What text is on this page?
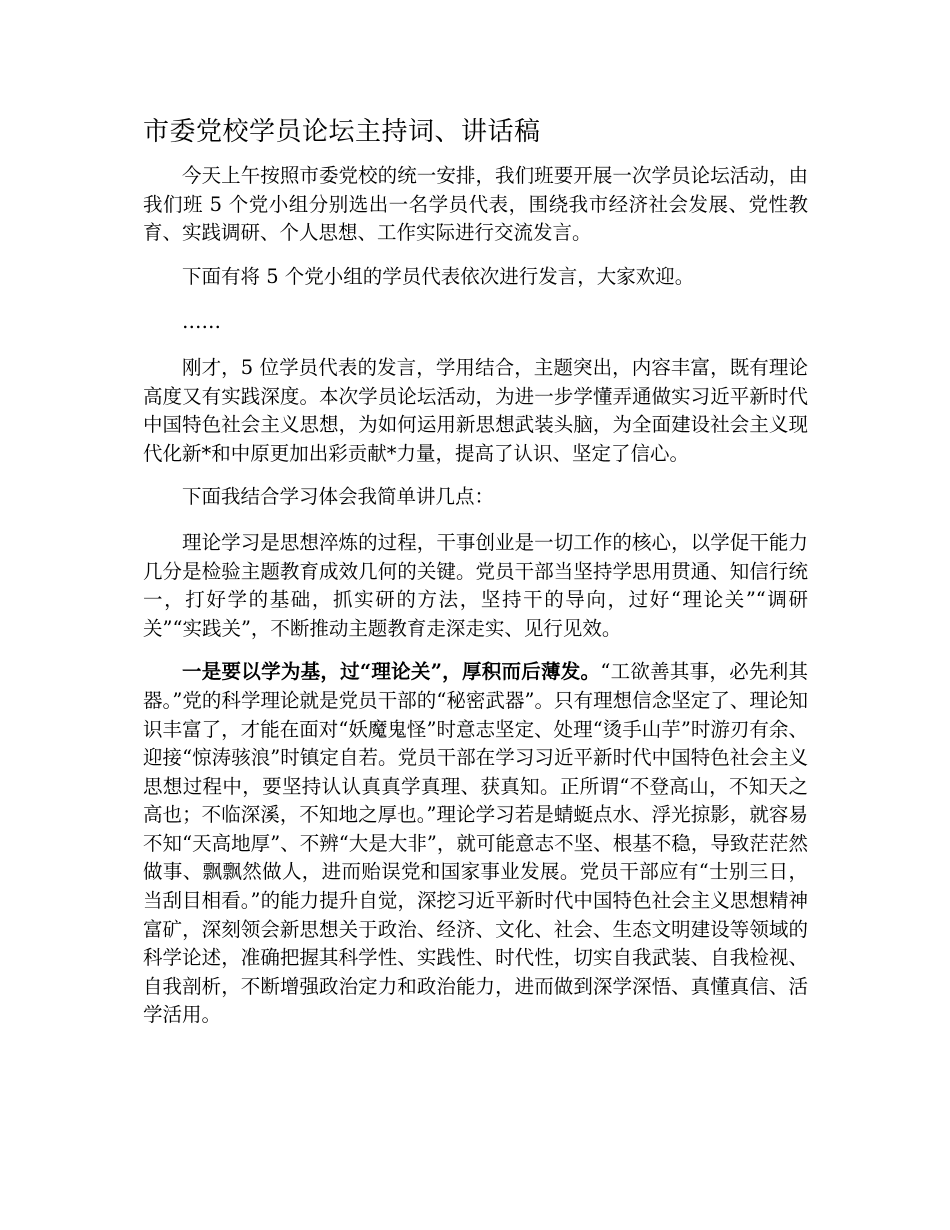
市委党校学员论坛主持词、讲话稿

今天上午按照市委党校的统一安排，我们班要开展一次学员论坛活动，由我们班 5 个党小组分别选出一名学员代表，围绕我市经济社会发展、党性教育、实践调研、个人思想、工作实际进行交流发言。

下面有将 5 个党小组的学员代表依次进行发言，大家欢迎。

……

刚才，5 位学员代表的发言，学用结合，主题突出，内容丰富，既有理论高度又有实践深度。本次学员论坛活动，为进一步学懂弄通做实习近平新时代中国特色社会主义思想，为如何运用新思想武装头脑，为全面建设社会主义现代化新*和中原更加出彩贡献*力量，提高了认识、坚定了信心。

下面我结合学习体会我简单讲几点：

理论学习是思想淬炼的过程，干事创业是一切工作的核心，以学促干能力几分是检验主题教育成效几何的关键。党员干部当坚持学思用贯通、知信行统一，打好学的基础，抓实研的方法，坚持干的导向，过好“理论关”“调研关”“实践关”，不断推动主题教育走深走实、见行见效。

一是要以学为基，过“理论关”，厚积而后薄发。“工欲善其事，必先利其器。”党的科学理论就是党员干部的“秘密武器”。只有理想信念坚定了、理论知识丰富了，才能在面对“妖魔鬼怪”时意志坚定、处理“烫手山芋”时游刃有余、迎接“惊涛骇浪”时镇定自若。党员干部在学习习近平新时代中国特色社会主义思想过程中，要坚持认认真真学真理、获真知。正所谓“不登高山，不知天之高也；不临深溪，不知地之厚也。”理论学习若是蜻蜓点水、浮光掠影，就容易不知“天高地厚”、不辨“大是大非”，就可能意志不坚、根基不稳，导致茫茫然做事、飘飘然做人，进而贻误党和国家事业发展。党员干部应有“士别三日，当刮目相看。”的能力提升自觉，深挖习近平新时代中国特色社会主义思想精神富矿，深刻领会新思想关于政治、经济、文化、社会、生态文明建设等领域的科学论述，准确把握其科学性、实践性、时代性，切实自我武装、自我检视、自我剖析，不断增强政治定力和政治能力，进而做到深学深悟、真懂真信、活学活用。
